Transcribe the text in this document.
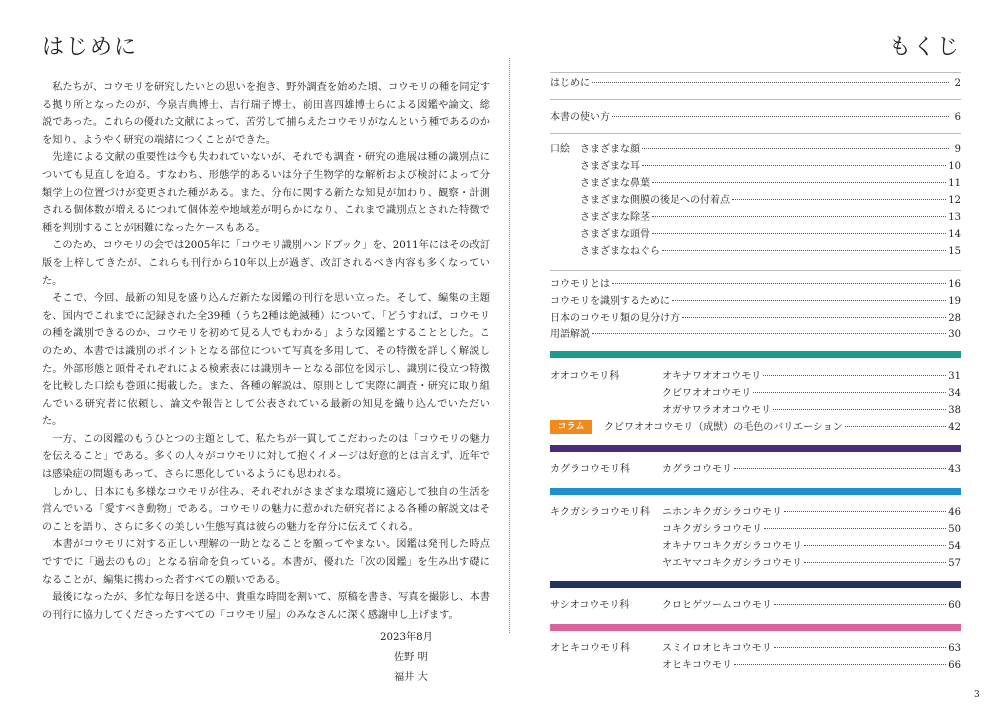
はじめに

私たちが、コウモリを研究したいとの思いを抱き、野外調査を始めた頃、コウモリの種を同定する拠り所となったのが、今泉吉典博士、吉行瑞子博士、前田喜四雄博士らによる図鑑や論文、総説であった。これらの優れた文献によって、苦労して捕らえたコウモリがなんという種であるのかを知り、ようやく研究の端緒につくことができた。

先達による文献の重要性は今も失われていないが、それでも調査・研究の進展は種の識別点についても見直しを迫る。すなわち、形態学的あるいは分子生物学的な解析および検討によって分類学上の位置づけが変更された種がある。また、分布に関する新たな知見が加わり、観察・計測される個体数が増えるにつれて個体差や地域差が明らかになり、これまで識別点とされた特徴で種を判別することが困難になったケースもある。

このため、コウモリの会では2005年に「コウモリ識別ハンドブック」を、2011年にはその改訂版を上梓してきたが、これらも刊行から10年以上が過ぎ、改訂されるべき内容も多くなっていた。

そこで、今回、最新の知見を盛り込んだ新たな図鑑の刊行を思い立った。そして、編集の主題を、国内でこれまでに記録された全39種（うち2種は絶滅種）について、「どうすれば、コウモリの種を識別できるのか、コウモリを初めて見る人でもわかる」ような図鑑とすることとした。このため、本書では識別のポイントとなる部位について写真を多用して、その特徴を詳しく解説した。外部形態と頭骨それぞれによる検索表には識別キーとなる部位を図示し、識別に役立つ特徴を比較した口絵も巻頭に掲載した。また、各種の解説は、原則として実際に調査・研究に取り組んでいる研究者に依頼し、論文や報告として公表されている最新の知見を織り込んでいただいた。

一方、この図鑑のもうひとつの主題として、私たちが一貫してこだわったのは「コウモリの魅力を伝えること」である。多くの人々がコウモリに対して抱くイメージは好意的とは言えず、近年では感染症の問題もあって、さらに悪化しているようにも思われる。

しかし、日本にも多様なコウモリが住み、それぞれがさまざまな環境に適応して独自の生活を営んでいる「愛すべき動物」である。コウモリの魅力に惹かれた研究者による各種の解説文はそのことを語り、さらに多くの美しい生態写真は彼らの魅力を存分に伝えてくれる。

本書がコウモリに対する正しい理解の一助となることを願ってやまない。図鑑は発刊した時点ですでに「過去のもの」となる宿命を負っている。本書が、優れた「次の図鑑」を生み出す礎になることが、編集に携わった者すべての願いである。

最後になったが、多忙な毎日を送る中、貴重な時間を割いて、原稿を書き、写真を撮影し、本書の刊行に協力してくださったすべての「コウモリ屋」のみなさんに深く感謝申し上げます。

2023年8月
佐野 明
福井 大
もくじ
はじめに	2
本書の使い方	6
口絵 さまざまな顔	9
さまざまな耳	10
さまざまな鼻葉	11
さまざまな側膜の後足への付着点	12
さまざまな除茎	13
さまざまな頭骨	14
さまざまなねぐら	15
コウモリとは	16
コウモリを識別するために	19
日本のコウモリ類の見分け方	28
用語解説	30
オオコウモリ科	オキナワオオコウモリ	31
クビワオオコウモリ	34
オガサワラオオコウモリ	38
コラム	クビワオオコウモリ（成獣）の毛色のバリエーション	42
カグラコウモリ科	カグラコウモリ	43
キクガシラコウモリ科 ニホンキクガシラコウモリ	46
コキクガシラコウモリ	50
オキナワコキクガシラコウモリ	54
ヤエヤマコキクガシラコウモリ	57
サシオコウモリ科	クロヒゲツームコウモリ	60
オヒキコウモリ科	スミイロオヒキコウモリ	63
オヒキコウモリ	66
3
